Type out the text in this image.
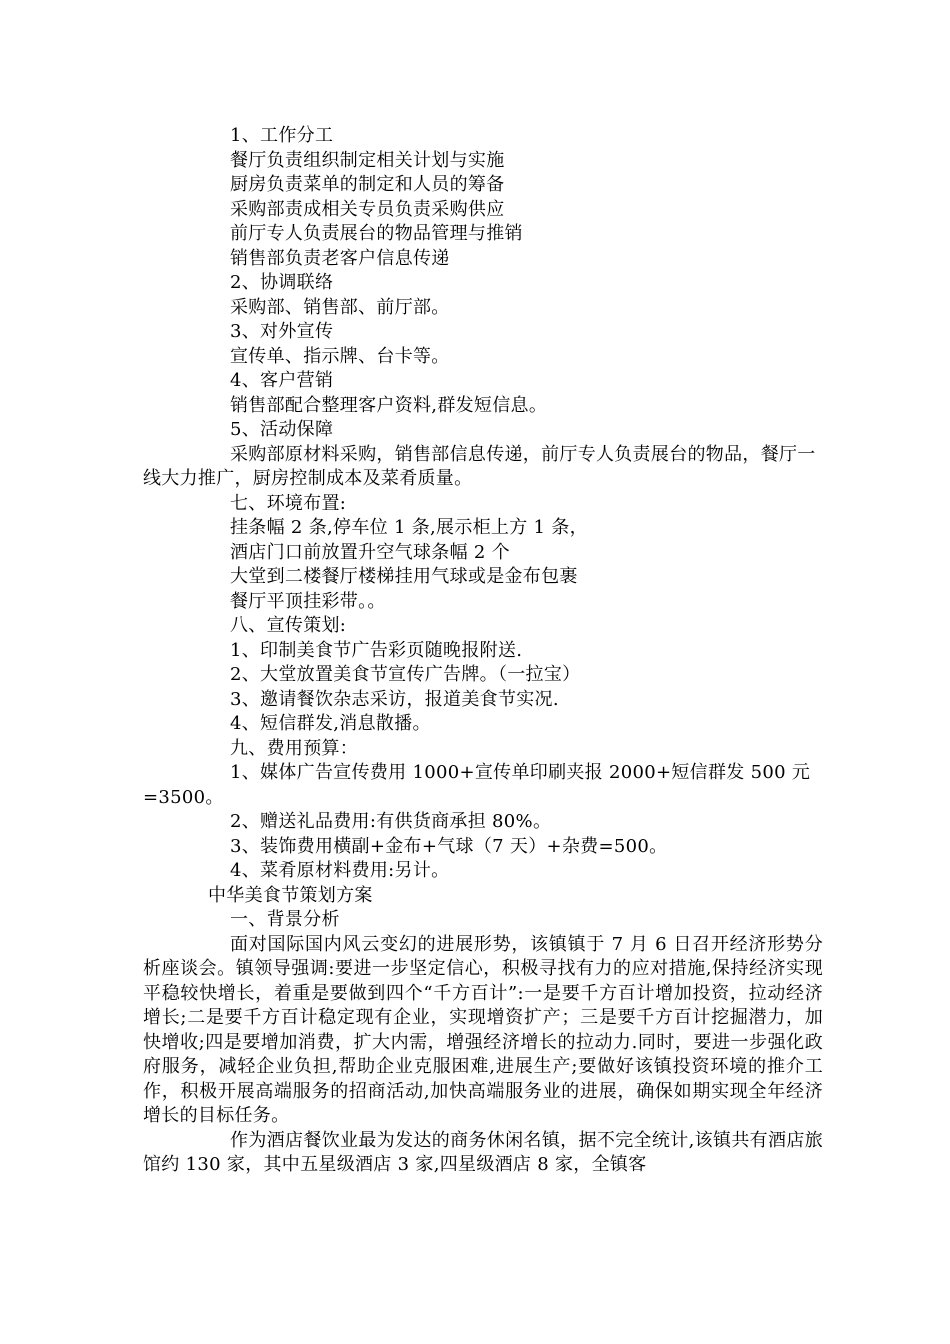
1、工作分工
餐厅负责组织制定相关计划与实施
厨房负责菜单的制定和人员的筹备
采购部责成相关专员负责采购供应
前厅专人负责展台的物品管理与推销
销售部负责老客户信息传递
2、协调联络
采购部、销售部、前厅部。
3、对外宣传
宣传单、指示牌、台卡等。
4、客户营销
销售部配合整理客户资料,群发短信息。
5、活动保障
采购部原材料采购，销售部信息传递，前厅专人负责展台的物品，餐厅一线大力推广，厨房控制成本及菜肴质量。
七、环境布置:
挂条幅 2 条,停车位 1 条,展示柜上方 1 条，
酒店门口前放置升空气球条幅 2 个
大堂到二楼餐厅楼梯挂用气球或是金布包裹
餐厅平顶挂彩带。。
八、宣传策划:
1、印制美食节广告彩页随晚报附送.
2、大堂放置美食节宣传广告牌。（一拉宝）
3、邀请餐饮杂志采访，报道美食节实况.
4、短信群发,消息散播。
九、费用预算：
1、媒体广告宣传费用 1000+宣传单印刷夹报 2000+短信群发 500 元=3500。
2、赠送礼品费用:有供货商承担 80%。
3、装饰费用横副+金布+气球（7 天）+杂费=500。
4、菜肴原材料费用:另计。
中华美食节策划方案
一、背景分析
面对国际国内风云变幻的进展形势，该镇镇于 7 月 6 日召开经济形势分析座谈会。镇领导强调:要进一步坚定信心，积极寻找有力的应对措施,保持经济实现平稳较快增长，着重是要做到四个“千方百计”:一是要千方百计增加投资，拉动经济增长;二是要千方百计稳定现有企业，实现增资扩产；三是要千方百计挖掘潜力，加快增收;四是要增加消费，扩大内需，增强经济增长的拉动力.同时，要进一步强化政府服务，减轻企业负担,帮助企业克服困难,进展生产;要做好该镇投资环境的推介工作，积极开展高端服务的招商活动,加快高端服务业的进展，确保如期实现全年经济增长的目标任务。
作为酒店餐饮业最为发达的商务休闲名镇，据不完全统计,该镇共有酒店旅馆约 130 家，其中五星级酒店 3 家,四星级酒店 8 家，全镇客
